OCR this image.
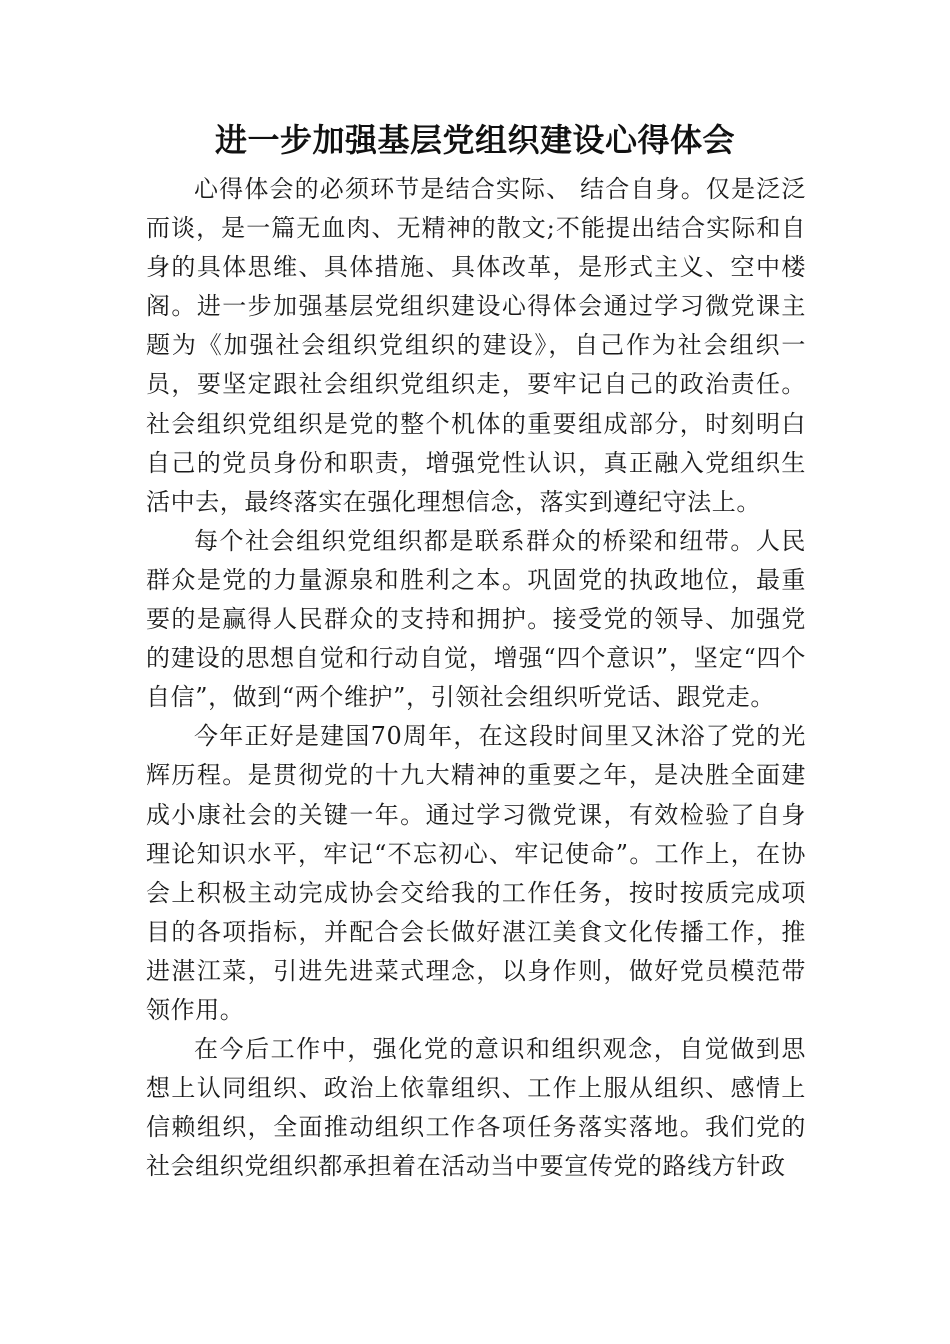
进一步加强基层党组织建设心得体会

心得体会的必须环节是结合实际、 结合自身。仅是泛泛而谈，是一篇无血肉、无精神的散文;不能提出结合实际和自身的具体思维、具体措施、具体改革，是形式主义、空中楼阁。进一步加强基层党组织建设心得体会通过学习微党课主题为《加强社会组织党组织的建设》，自己作为社会组织一员，要坚定跟社会组织党组织走，要牢记自己的政治责任。社会组织党组织是党的整个机体的重要组成部分，时刻明白自己的党员身份和职责，增强党性认识，真正融入党组织生活中去，最终落实在强化理想信念，落实到遵纪守法上。

每个社会组织党组织都是联系群众的桥梁和纽带。人民群众是党的力量源泉和胜利之本。巩固党的执政地位，最重要的是赢得人民群众的支持和拥护。接受党的领导、加强党的建设的思想自觉和行动自觉，增强“四个意识”，坚定“四个自信”，做到“两个维护”，引领社会组织听党话、跟党走。

今年正好是建国70周年，在这段时间里又沐浴了党的光辉历程。是贯彻党的十九大精神的重要之年，是决胜全面建成小康社会的关键一年。通过学习微党课，有效检验了自身理论知识水平，牢记“不忘初心、牢记使命”。工作上，在协会上积极主动完成协会交给我的工作任务，按时按质完成项目的各项指标，并配合会长做好湛江美食文化传播工作，推进湛江菜，引进先进菜式理念，以身作则，做好党员模范带领作用。

在今后工作中，强化党的意识和组织观念，自觉做到思想上认同组织、政治上依靠组织、工作上服从组织、感情上信赖组织，全面推动组织工作各项任务落实落地。我们党的社会组织党组织都承担着在活动当中要宣传党的路线方针政
